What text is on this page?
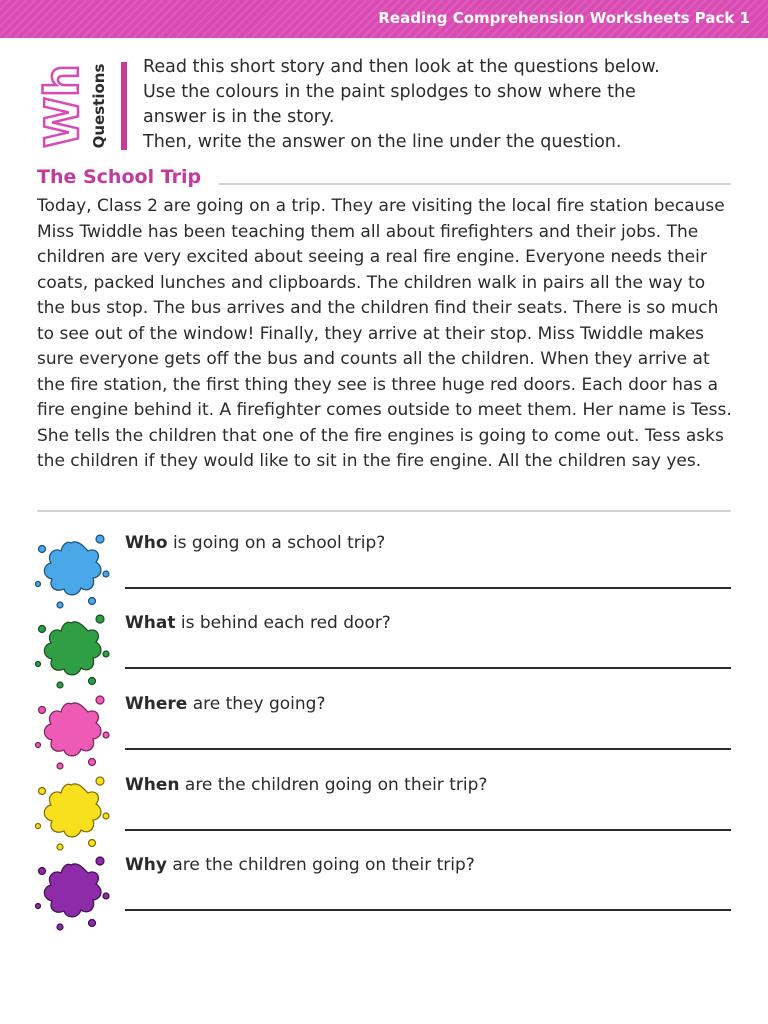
Reading Comprehension Worksheets Pack 1
Wh Questions Read this short story and then look at the questions below.

Use the colours in the paint splodges to show where the

answer is in the story.

Then, write the answer on the line under the question.

The School Trip

Today, Class 2 are going on a trip. They are visiting the local fire station because Miss Twiddle has been teaching them all about firefighters and their jobs. The children are very excited about seeing a real fire engine. Everyone needs their coats, packed lunches and clipboards. The children walk in pairs all the way to the bus stop. The bus arrives and the children find their seats. There is so much to see out of the window! Finally, they arrive at their stop. Miss Twiddle makes sure everyone gets off the bus and counts all the children. When they arrive at the fire station, the first thing they see is three huge red doors. Each door has a fire engine behind it. A firefighter comes outside to meet them. Her name is Tess. She tells the children that one of the fire engines is going to come out. Tess asks the children if they would like to sit in the fire engine. All the children say yes.

Who is going on a school trip?
What is behind each red door?
Where are they going?
When are the children going on their trip?
Why are the children going on their trip?
